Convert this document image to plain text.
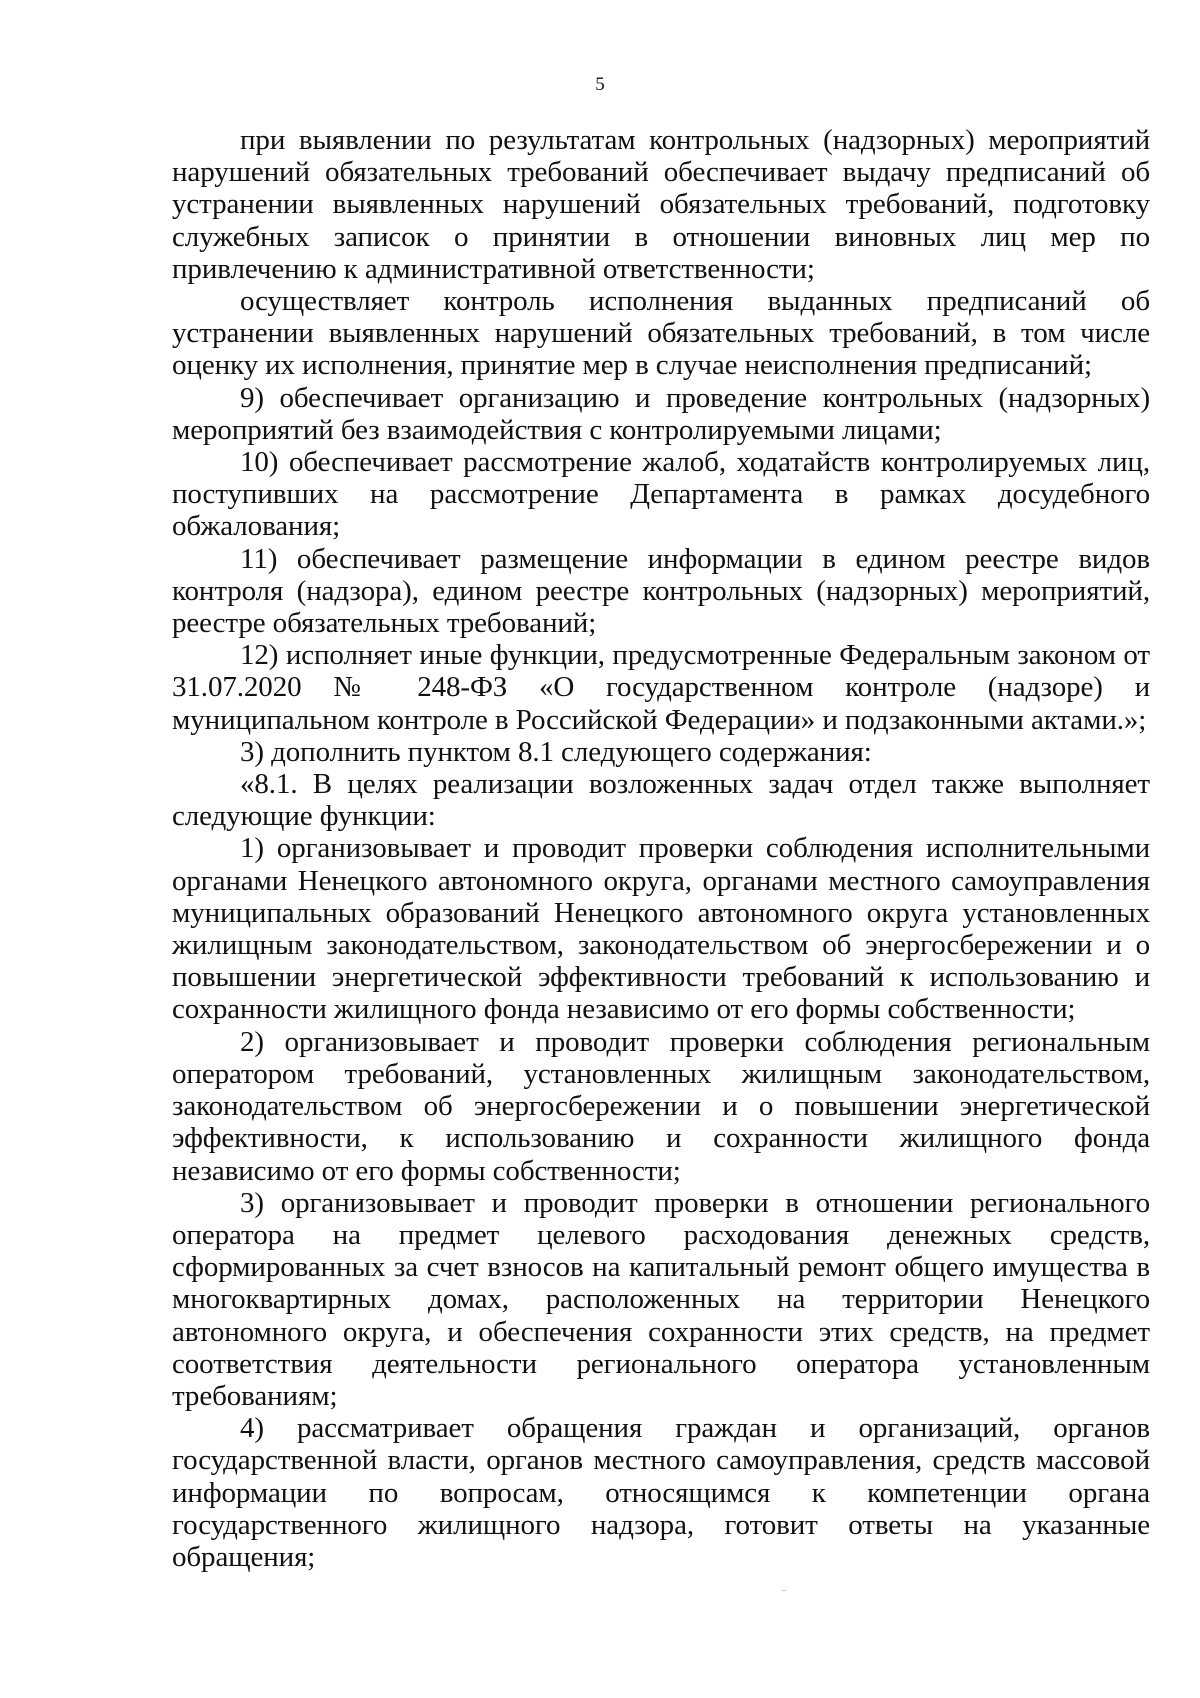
5

при выявлении по результатам контрольных (надзорных) мероприятий нарушений обязательных требований обеспечивает выдачу предписаний об устранении выявленных нарушений обязательных требований, подготовку служебных записок о принятии в отношении виновных лиц мер по привлечению к административной ответственности;

осуществляет контроль исполнения выданных предписаний об устранении выявленных нарушений обязательных требований, в том числе оценку их исполнения, принятие мер в случае неисполнения предписаний;

9) обеспечивает организацию и проведение контрольных (надзорных) мероприятий без взаимодействия с контролируемыми лицами;

10) обеспечивает рассмотрение жалоб, ходатайств контролируемых лиц, поступивших на рассмотрение Департамента в рамках досудебного обжалования;

11) обеспечивает размещение информации в едином реестре видов контроля (надзора), едином реестре контрольных (надзорных) мероприятий, реестре обязательных требований;

12) исполняет иные функции, предусмотренные Федеральным законом от 31.07.2020 № 248-ФЗ «О государственном контроле (надзоре) и муниципальном контроле в Российской Федерации» и подзаконными актами.»;

3) дополнить пунктом 8.1 следующего содержания:

«8.1. В целях реализации возложенных задач отдел также выполняет следующие функции:

1) организовывает и проводит проверки соблюдения исполнительными органами Ненецкого автономного округа, органами местного самоуправления муниципальных образований Ненецкого автономного округа установленных жилищным законодательством, законодательством об энергосбережении и о повышении энергетической эффективности требований к использованию и сохранности жилищного фонда независимо от его формы собственности;

2) организовывает и проводит проверки соблюдения региональным оператором требований, установленных жилищным законодательством, законодательством об энергосбережении и о повышении энергетической эффективности, к использованию и сохранности жилищного фонда независимо от его формы собственности;

3) организовывает и проводит проверки в отношении регионального оператора на предмет целевого расходования денежных средств, сформированных за счет взносов на капитальный ремонт общего имущества в многоквартирных домах, расположенных на территории Ненецкого автономного округа, и обеспечения сохранности этих средств, на предмет соответствия деятельности регионального оператора установленным требованиям;

4) рассматривает обращения граждан и организаций, органов государственной власти, органов местного самоуправления, средств массовой информации по вопросам, относящимся к компетенции органа государственного жилищного надзора, готовит ответы на указанные обращения;
